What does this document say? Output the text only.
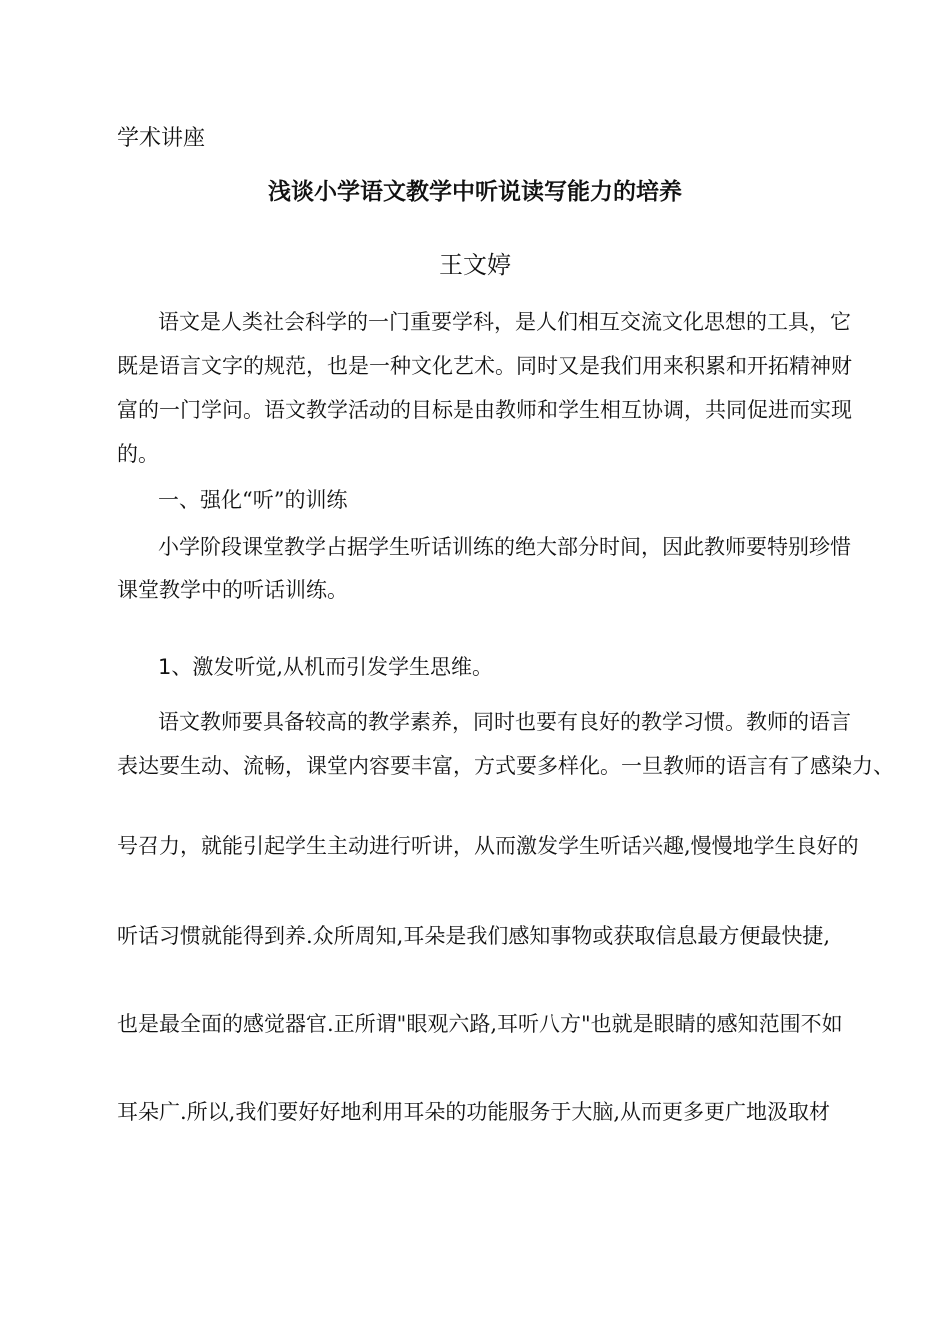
学术讲座
浅谈小学语文教学中听说读写能力的培养
王文婷
语文是人类社会科学的一门重要学科，是人们相互交流文化思想的工具，它
既是语言文字的规范，也是一种文化艺术。同时又是我们用来积累和开拓精神财
富的一门学问。语文教学活动的目标是由教师和学生相互协调，共同促进而实现
的。
一、强化“听”的训练
小学阶段课堂教学占据学生听话训练的绝大部分时间，因此教师要特别珍惜
课堂教学中的听话训练。
1、激发听觉,从机而引发学生思维。
语文教师要具备较高的教学素养，同时也要有良好的教学习惯。教师的语言
表达要生动、流畅，课堂内容要丰富，方式要多样化。一旦教师的语言有了感染力、
号召力，就能引起学生主动进行听讲，从而激发学生听话兴趣,慢慢地学生良好的
听话习惯就能得到养.众所周知,耳朵是我们感知事物或获取信息最方便最快捷,
也是最全面的感觉器官.正所谓"眼观六路,耳听八方"也就是眼睛的感知范围不如
耳朵广.所以,我们要好好地利用耳朵的功能服务于大脑,从而更多更广地汲取材
